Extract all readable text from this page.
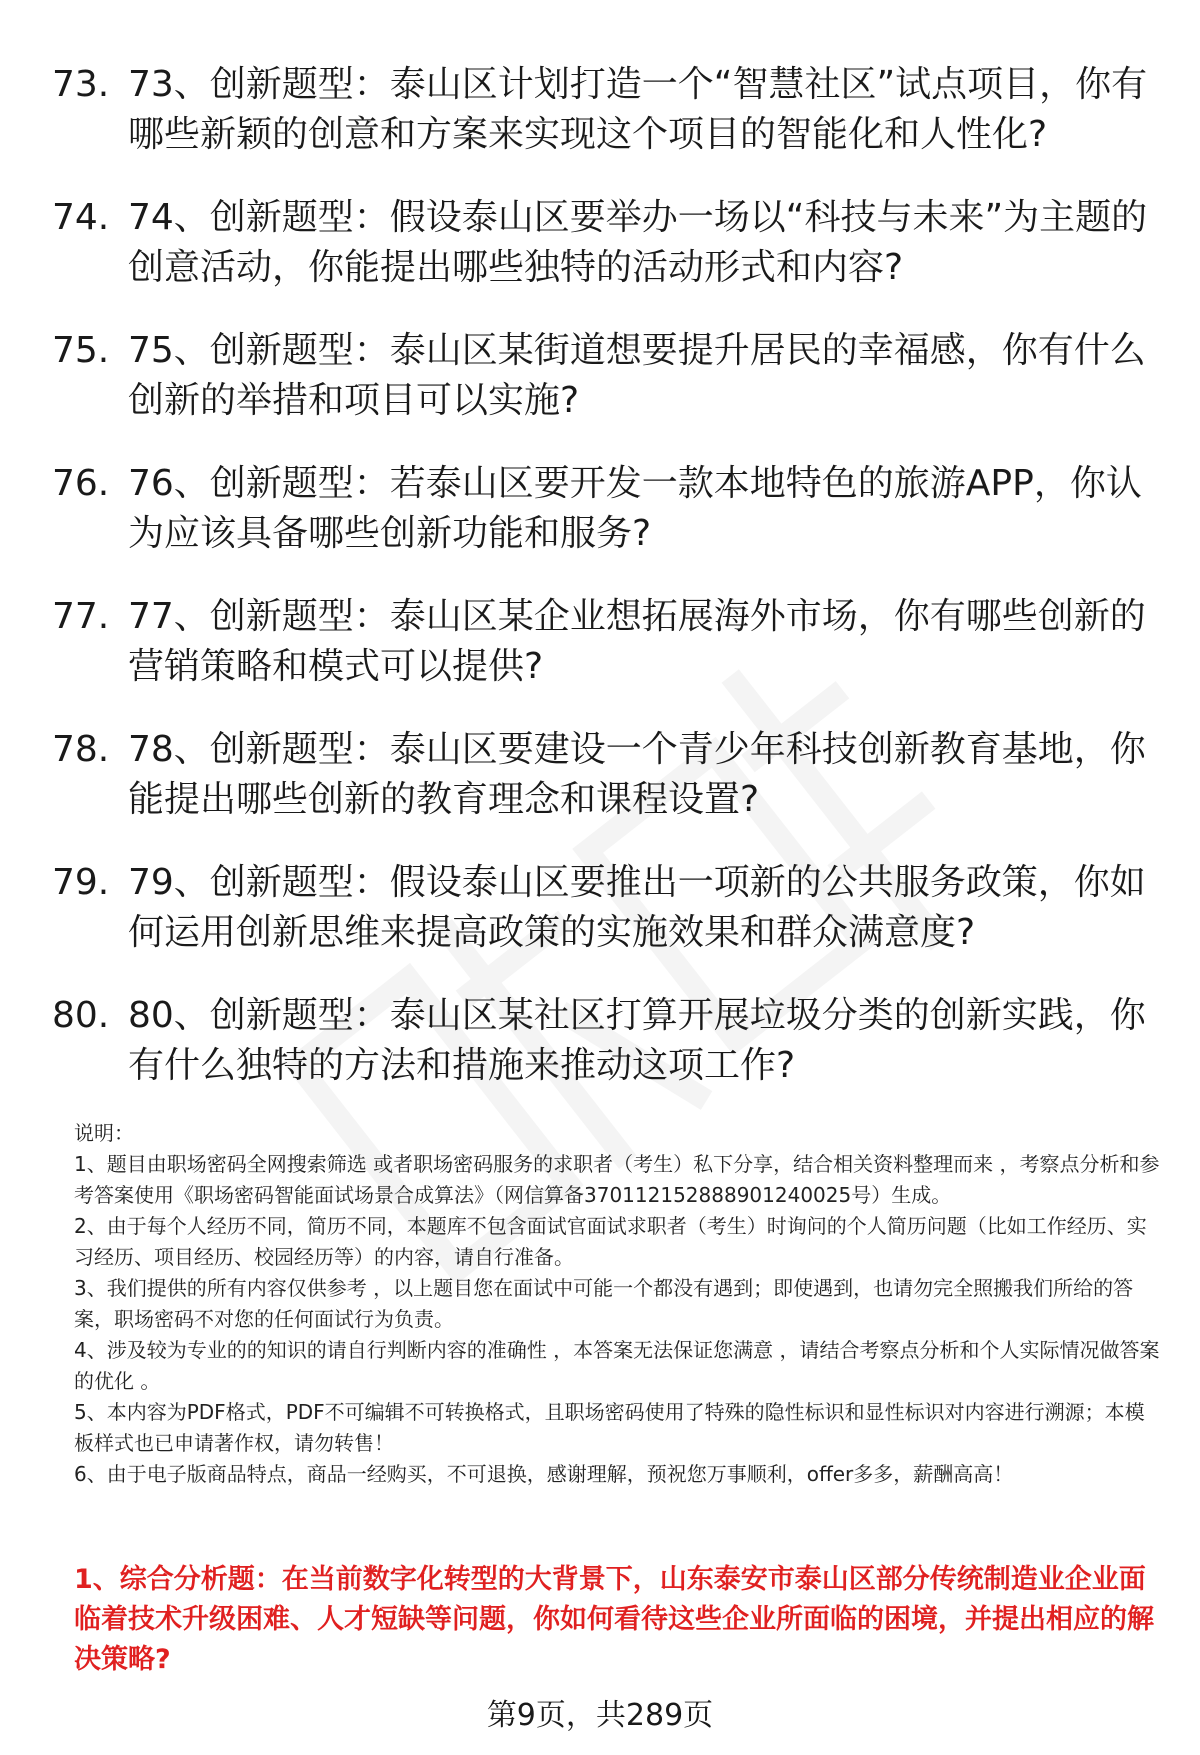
73. 73、创新题型：泰山区计划打造一个“智慧社区”试点项目，你有哪些新颖的创意和方案来实现这个项目的智能化和人性化?
74. 74、创新题型：假设泰山区要举办一场以“科技与未来”为主题的创意活动，你能提出哪些独特的活动形式和内容?
75. 75、创新题型：泰山区某街道想要提升居民的幸福感，你有什么创新的举措和项目可以实施?
76. 76、创新题型：若泰山区要开发一款本地特色的旅游APP，你认为应该具备哪些创新功能和服务?
77. 77、创新题型：泰山区某企业想拓展海外市场，你有哪些创新的营销策略和模式可以提供?
78. 78、创新题型：泰山区要建设一个青少年科技创新教育基地，你能提出哪些创新的教育理念和课程设置?
79. 79、创新题型：假设泰山区要推出一项新的公共服务政策，你如何运用创新思维来提高政策的实施效果和群众满意度?
80. 80、创新题型：泰山区某社区打算开展垃圾分类的创新实践，你有什么独特的方法和措施来推动这项工作?
说明：
1、题目由职场密码全网搜索筛选 或者职场密码服务的求职者（考生）私下分享，结合相关资料整理而来 ，考察点分析和参考答案使用《职场密码智能面试场景合成算法》（网信算备370112152888901240025号）生成。
2、由于每个人经历不同，简历不同，本题库不包含面试官面试求职者（考生）时询问的个人简历问题（比如工作经历、实习经历、项目经历、校园经历等）的内容，请自行准备。
3、我们提供的所有内容仅供参考 ，以上题目您在面试中可能一个都没有遇到；即使遇到，也请勿完全照搬我们所给的答案，职场密码不对您的任何面试行为负责。
4、涉及较为专业的的知识的请自行判断内容的准确性 ，本答案无法保证您满意 ，请结合考察点分析和个人实际情况做答案的优化 。
5、本内容为PDF格式，PDF不可编辑不可转换格式，且职场密码使用了特殊的隐性标识和显性标识对内容进行溯源；本模板样式也已申请著作权，请勿转售！
6、由于电子版商品特点，商品一经购买，不可退换，感谢理解，预祝您万事顺利，offer多多，薪酬高高！
1、综合分析题：在当前数字化转型的大背景下，山东泰安市泰山区部分传统制造业企业面临着技术升级困难、人才短缺等问题，你如何看待这些企业所面临的困境，并提出相应的解决策略?
第9页，共289页
